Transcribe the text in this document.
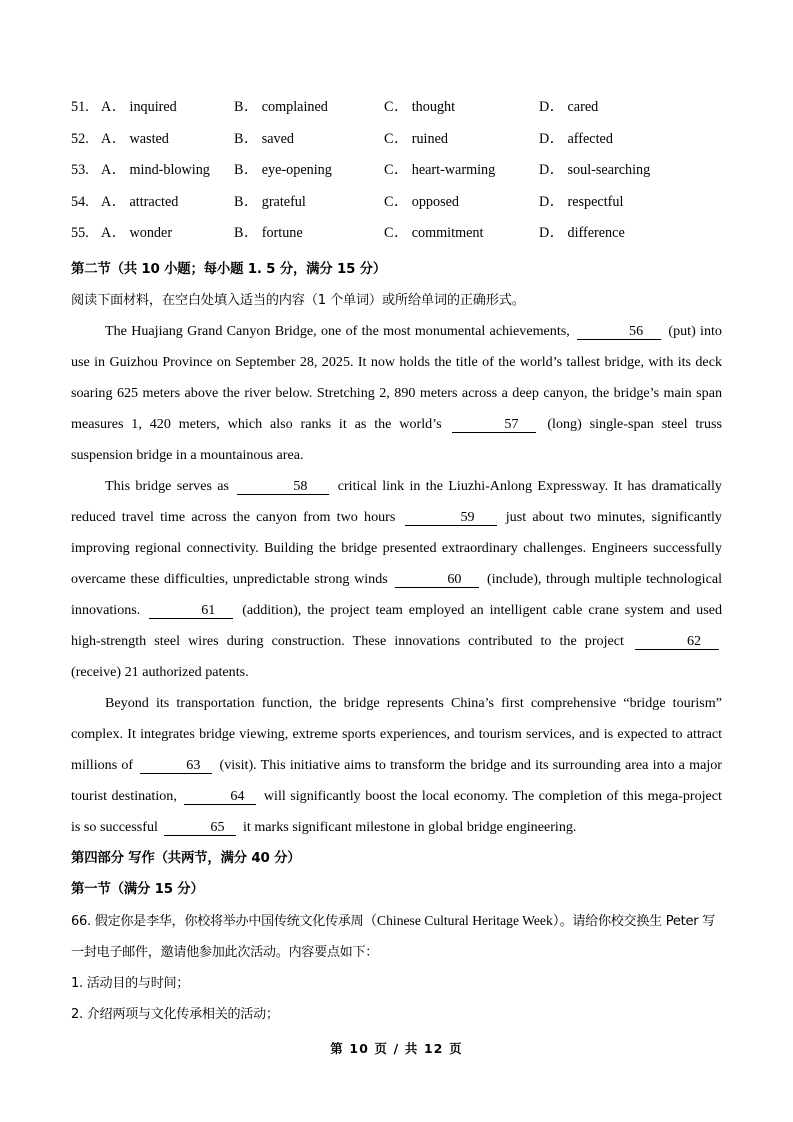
51. A ． inquired	B ． complained	C ． thought	D ． cared
52. A ． wasted	B ． saved	C ． ruined	D ． affected
53. A ． mind-blowing	B ． eye-opening	C ． heart-warming	D ． soul-searching
54. A ． attracted	B ． grateful	C ． opposed	D ． respectful
55. A ． wonder	B ． fortune	C ． commitment	D ． difference
第二节（共 10 小题；每小题 1. 5 分，满分 15 分）
阅读下面材料，在空白处填入适当的内容（1 个单词）或所给单词的正确形式。

The Huajiang Grand Canyon Bridge, one of the most monumental achievements,	56 (put) into use in Guizhou Province on September 28, 2025. It now holds the title of the world’s tallest bridge, with its deck soaring 625 meters above the river below. Stretching 2, 890 meters across a deep canyon, the bridge’s main span measures 1, 420 meters, which also ranks it as the world’s	57 (long) single-span steel truss suspension bridge in a mountainous area.

This bridge serves as	58 critical link in the Liuzhi-Anlong Expressway. It has dramatically reduced travel time across the canyon from two hours	59 just about two minutes, significantly improving regional connectivity. Building the bridge presented extraordinary challenges. Engineers successfully overcame these difficulties, unpredictable strong winds	60 (include), through multiple technological innovations.	61 (addition), the project team employed an intelligent cable crane system and used high-strength steel wires during construction. These innovations contributed to the project	62 (receive) 21 authorized patents.

Beyond its transportation function, the bridge represents China’s first comprehensive “bridge tourism” complex. It integrates bridge viewing, extreme sports experiences, and tourism services, and is expected to attract millions of	63 (visit). This initiative aims to transform the bridge and its surrounding area into a major tourist destination,	64 will significantly boost the local economy. The completion of this mega-project is so successful	65 it marks significant milestone in global bridge engineering.

第四部分 写作（共两节，满分 40 分）
第一节（满分 15 分）
66. 假定你是李华，你校将举办中国传统文化传承周（Chinese Cultural Heritage Week）。请给你校交换生 Peter 写一封电子邮件，邀请他参加此次活动。内容要点如下：
1. 活动目的与时间；
2. 介绍两项与文化传承相关的活动；
第 10 页 / 共 12 页
